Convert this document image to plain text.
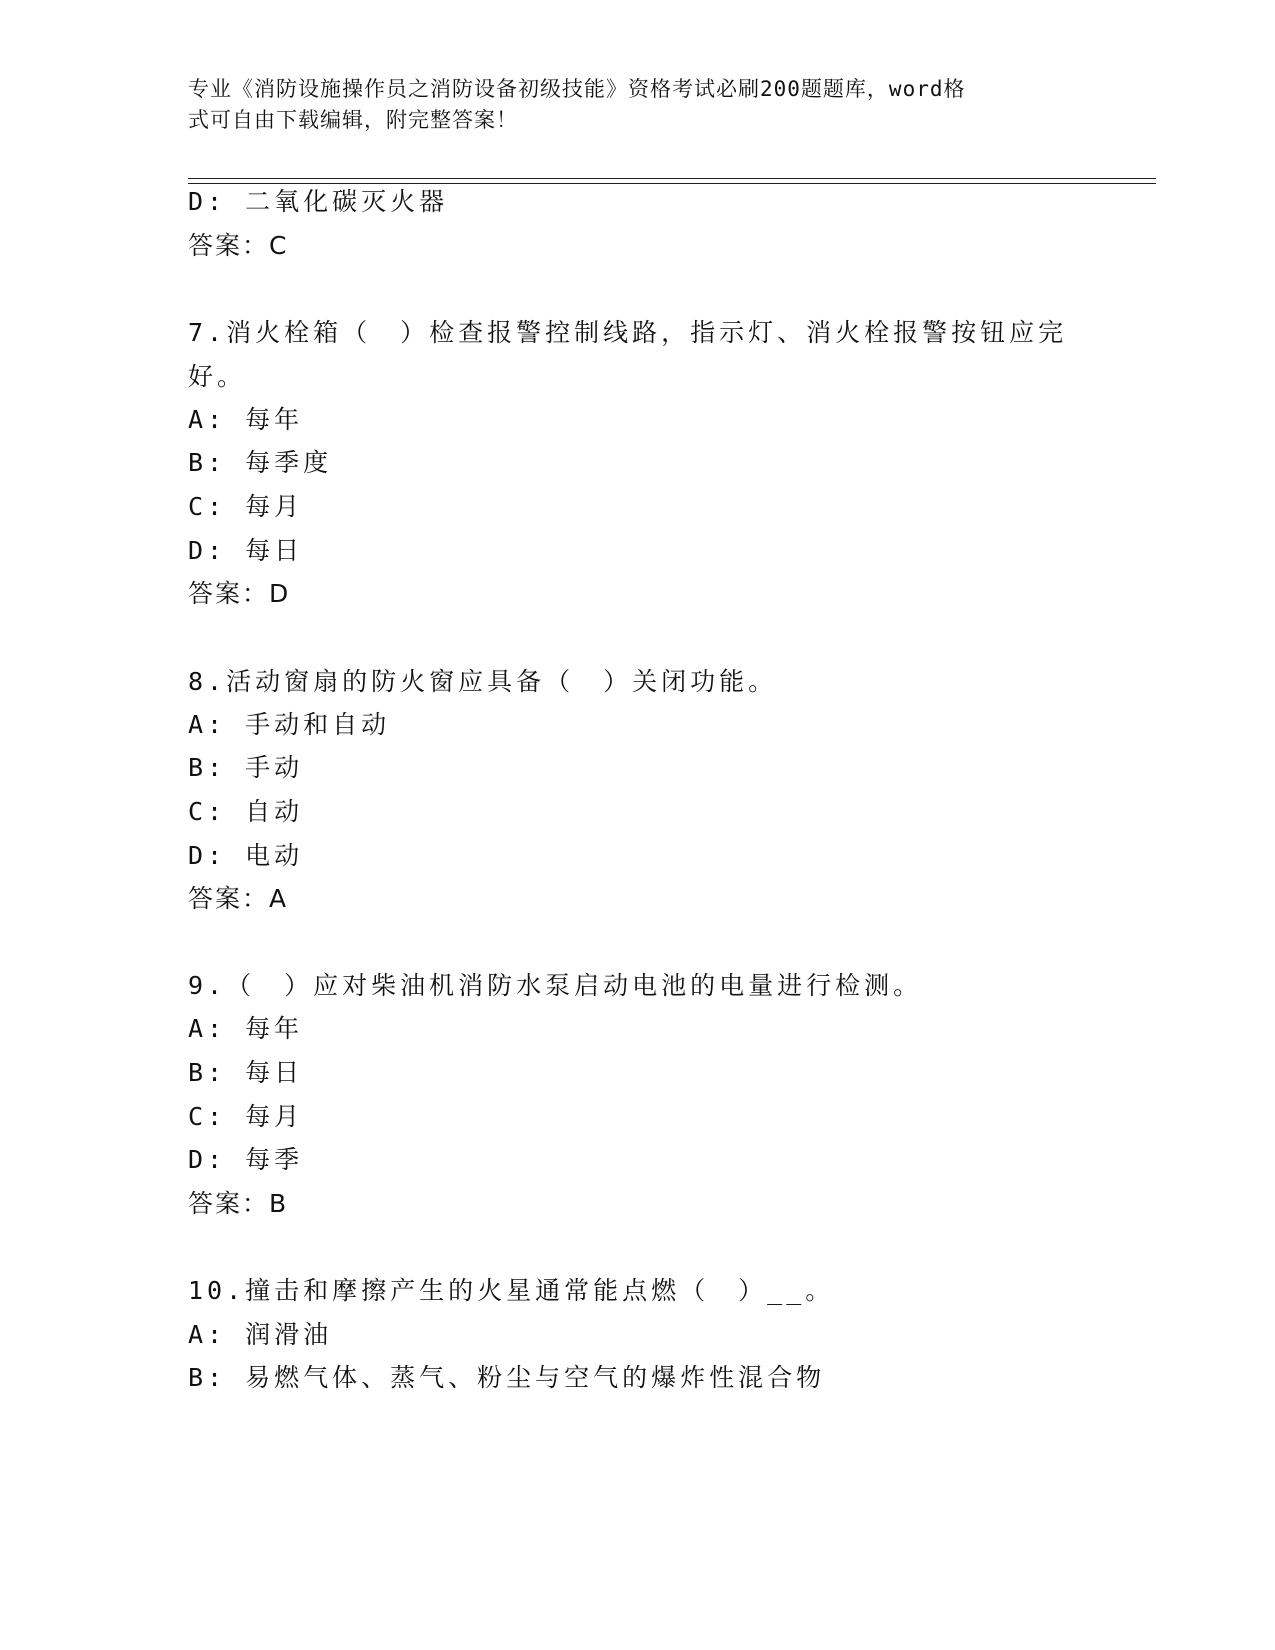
专业《消防设施操作员之消防设备初级技能》资格考试必刷200题题库，word格
式可自由下载编辑，附完整答案！
D: 二氧化碳灭火器
答案：C
7.消火栓箱（　）检查报警控制线路，指示灯、消火栓报警按钮应完
好。
A: 每年
B: 每季度
C: 每月
D: 每日
答案：D
8.活动窗扇的防火窗应具备（　）关闭功能。
A: 手动和自动
B: 手动
C: 自动
D: 电动
答案：A
9.（　）应对柴油机消防水泵启动电池的电量进行检测。
A: 每年
B: 每日
C: 每月
D: 每季
答案：B
10.撞击和摩擦产生的火星通常能点燃（　）__。
A: 润滑油
B: 易燃气体、蒸气、粉尘与空气的爆炸性混合物
